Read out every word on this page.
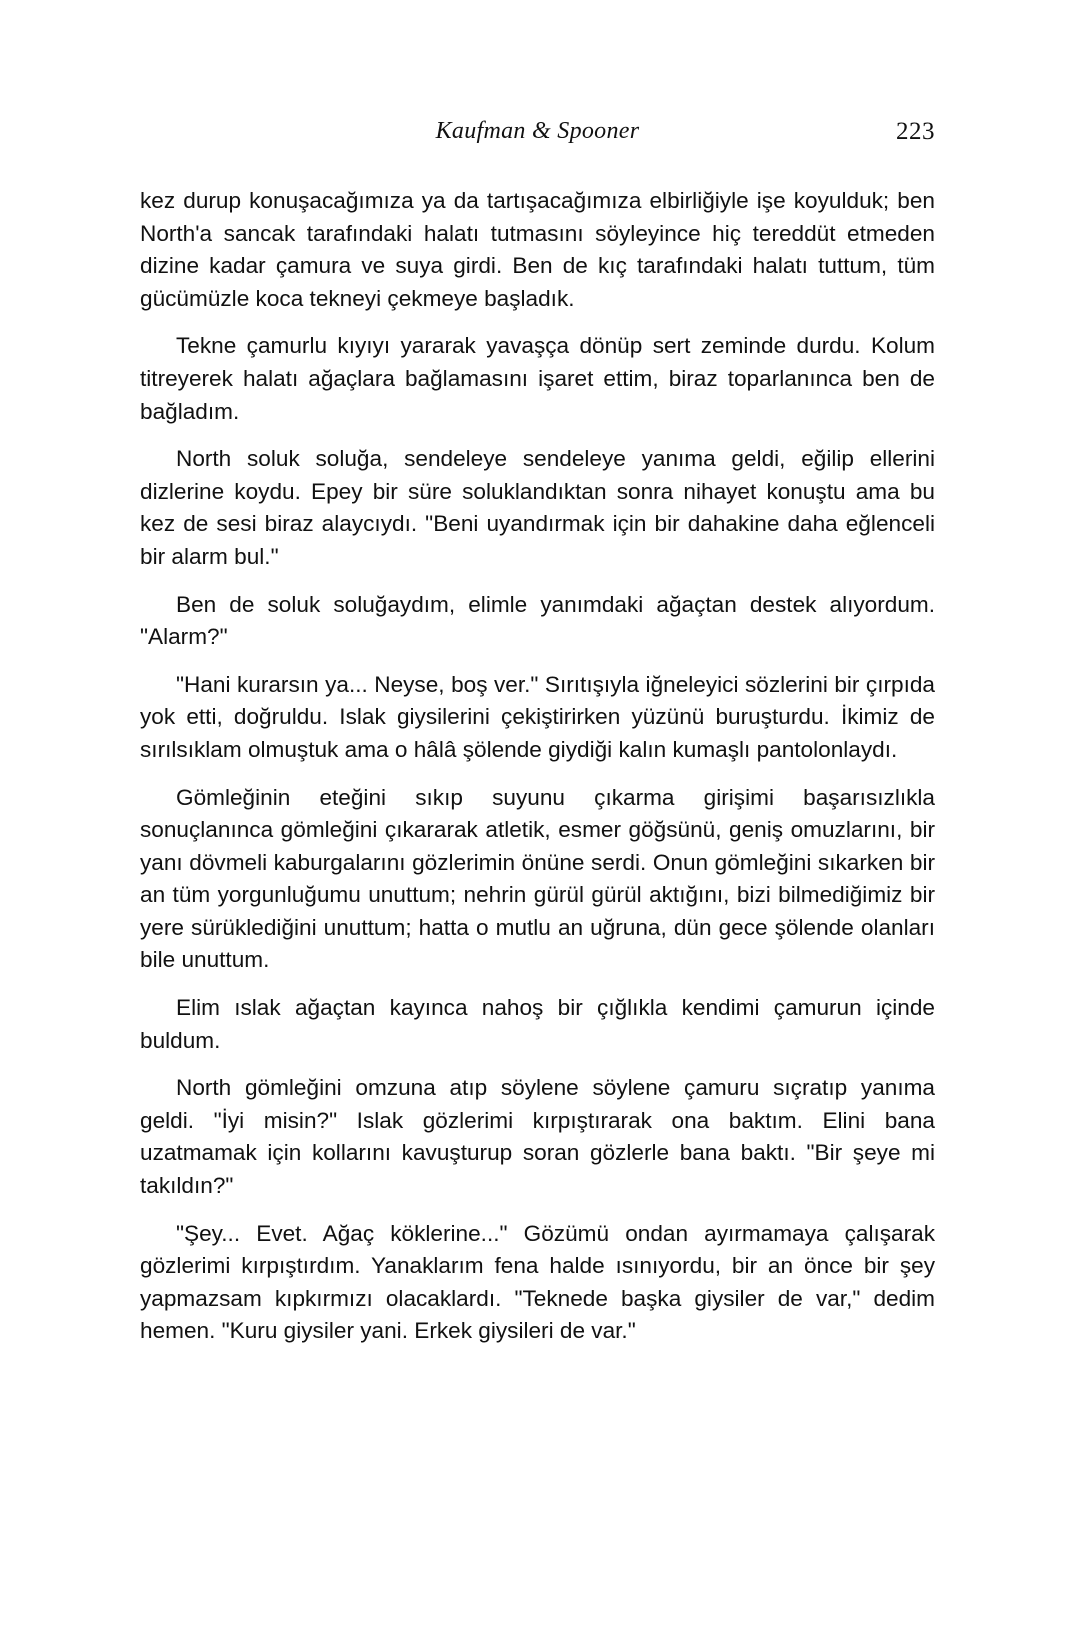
Kaufman & Spooner	223

kez durup konuşacağımıza ya da tartışacağımıza elbirliğiyle işe koyulduk; ben North'a sancak tarafındaki halatı tutmasını söyleyince hiç tereddüt etmeden dizine kadar çamura ve suya girdi. Ben de kıç tarafındaki halatı tuttum, tüm gücümüzle koca tekneyi çekmeye başladık.

Tekne çamurlu kıyıyı yararak yavaşça dönüp sert zeminde durdu. Kolum titreyerek halatı ağaçlara bağlamasını işaret ettim, biraz toparlanınca ben de bağladım.

North soluk soluğa, sendeleye sendeleye yanıma geldi, eğilip ellerini dizlerine koydu. Epey bir süre soluklandıktan sonra nihayet konuştu ama bu kez de sesi biraz alaycıydı. "Beni uyandırmak için bir dahakine daha eğlenceli bir alarm bul."

Ben de soluk soluğaydım, elimle yanımdaki ağaçtan destek alıyordum. "Alarm?"

"Hani kurarsın ya... Neyse, boş ver." Sırıtışıyla iğneleyici sözlerini bir çırpıda yok etti, doğruldu. Islak giysilerini çekiştirirken yüzünü buruşturdu. İkimiz de sırılsıklam olmuştuk ama o hâlâ şölende giydiği kalın kumaşlı pantolonlaydı.

Gömleğinin eteğini sıkıp suyunu çıkarma girişimi başarısızlıkla sonuçlanınca gömleğini çıkararak atletik, esmer göğsünü, geniş omuzlarını, bir yanı dövmeli kaburgalarını gözlerimin önüne serdi. Onun gömleğini sıkarken bir an tüm yorgunluğumu unuttum; nehrin gürül gürül aktığını, bizi bilmediğimiz bir yere sürüklediğini unuttum; hatta o mutlu an uğruna, dün gece şölende olanları bile unuttum.

Elim ıslak ağaçtan kayınca nahoş bir çığlıkla kendimi çamurun içinde buldum.

North gömleğini omzuna atıp söylene söylene çamuru sıçratıp yanıma geldi. "İyi misin?" Islak gözlerimi kırpıştırarak ona baktım. Elini bana uzatmamak için kollarını kavuşturup soran gözlerle bana baktı. "Bir şeye mi takıldın?"

"Şey... Evet. Ağaç köklerine..." Gözümü ondan ayırmamaya çalışarak gözlerimi kırpıştırdım. Yanaklarım fena halde ısınıyordu, bir an önce bir şey yapmazsam kıpkırmızı olacaklardı. "Teknede başka giysiler de var," dedim hemen. "Kuru giysiler yani. Erkek giysileri de var."
